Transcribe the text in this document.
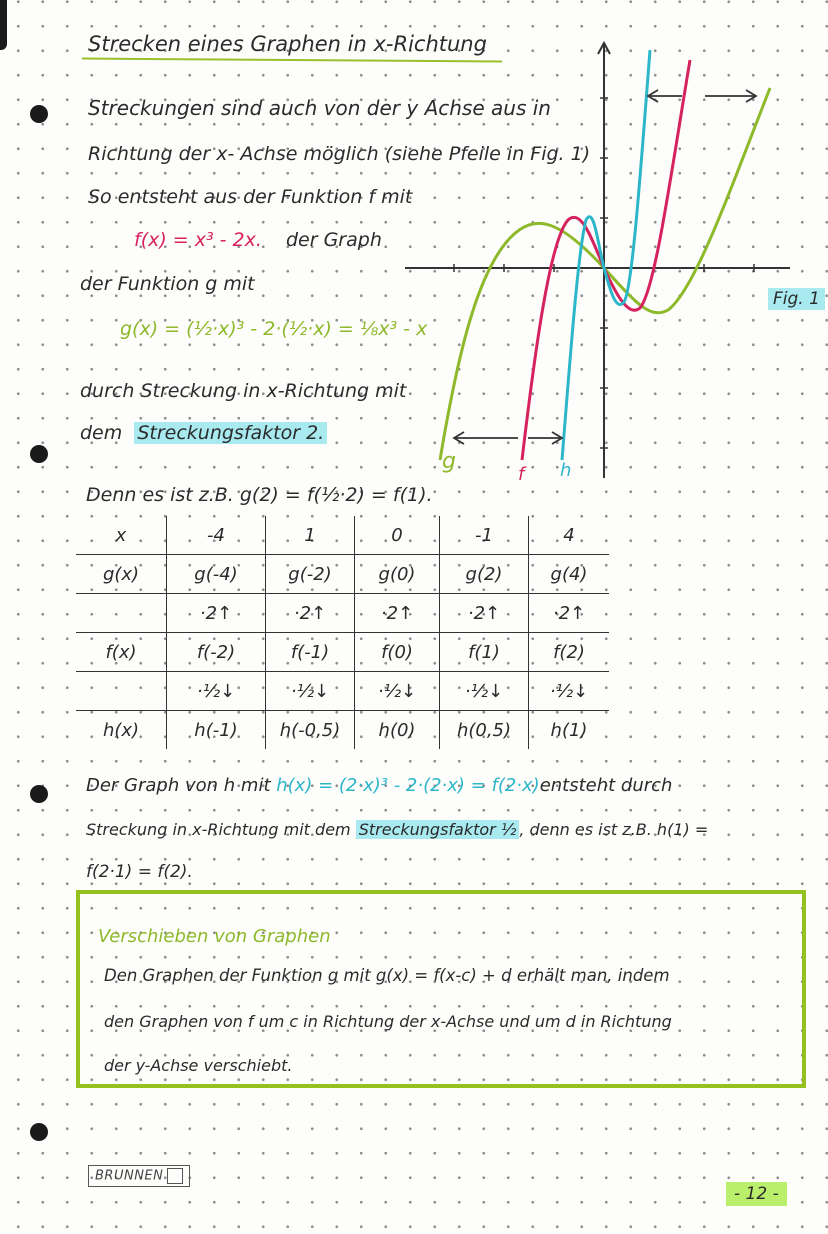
Strecken eines Graphen in x-Richtung
Streckungen sind auch von der y Achse aus in
Richtung der x- Achse möglich (siehe Pfeile in Fig. 1)
So entsteht aus der Funktion f mit
f(x) = x³ - 2x. der Graph
der Funktion g mit
g(x) = (½·x)³ - 2·(½·x) = ⅛x³ - x
durch Streckung in x-Richtung mit
dem Streckungsfaktor 2.
g
f h
Fig. 1
Denn es ist z.B. g(2) = f(½·2) = f(1).
x	-4	1	0	-1	4
g(x)	g(-4)	g(-2)	g(0)	g(2)	g(4)
	·2↑	·2↑	·2↑	·2↑	·2↑
f(x)	f(-2)	f(-1)	f(0)	f(1)	f(2)
	·½↓	·½↓	·½↓	·½↓	·½↓
h(x)	h(-1)	h(-0,5)	h(0)	h(0,5)	h(1)
Der Graph von h mit h(x) = (2·x)³ - 2·(2·x) = f(2·x)entsteht durch
Streckung in x-Richtung mit dem Streckungsfaktor ½ , denn es ist z.B. h(1) =
f(2·1) = f(2).
Verschieben von Graphen
Den Graphen der Funktion g mit g(x) = f(x-c) + d erhält man, indem
den Graphen von f um c in Richtung der x-Achse und um d in Richtung
der y-Achse verschiebt.
BRUNNEN
- 12 -
